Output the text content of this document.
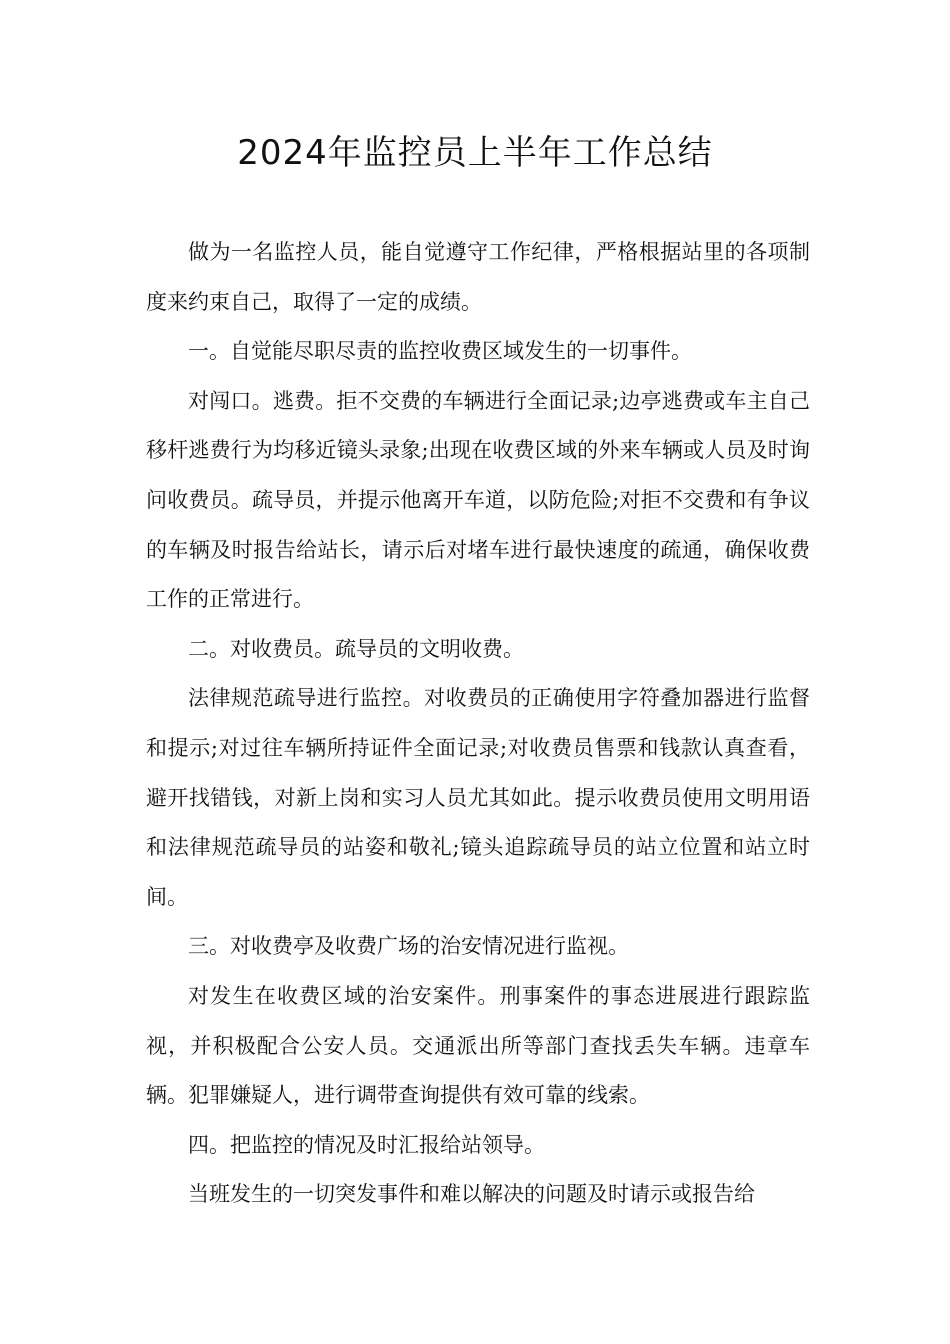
2024年监控员上半年工作总结

做为一名监控人员，能自觉遵守工作纪律，严格根据站里的各项制度来约束自己，取得了一定的成绩。

一。自觉能尽职尽责的监控收费区域发生的一切事件。

对闯口。逃费。拒不交费的车辆进行全面记录;边亭逃费或车主自己移杆逃费行为均移近镜头录象;出现在收费区域的外来车辆或人员及时询问收费员。疏导员，并提示他离开车道，以防危险;对拒不交费和有争议的车辆及时报告给站长，请示后对堵车进行最快速度的疏通，确保收费工作的正常进行。

二。对收费员。疏导员的文明收费。

法律规范疏导进行监控。对收费员的正确使用字符叠加器进行监督和提示;对过往车辆所持证件全面记录;对收费员售票和钱款认真查看，避开找错钱，对新上岗和实习人员尤其如此。提示收费员使用文明用语和法律规范疏导员的站姿和敬礼;镜头追踪疏导员的站立位置和站立时间。

三。对收费亭及收费广场的治安情况进行监视。

对发生在收费区域的治安案件。刑事案件的事态进展进行跟踪监视，并积极配合公安人员。交通派出所等部门查找丢失车辆。违章车辆。犯罪嫌疑人，进行调带查询提供有效可靠的线索。

四。把监控的情况及时汇报给站领导。

当班发生的一切突发事件和难以解决的问题及时请示或报告给
